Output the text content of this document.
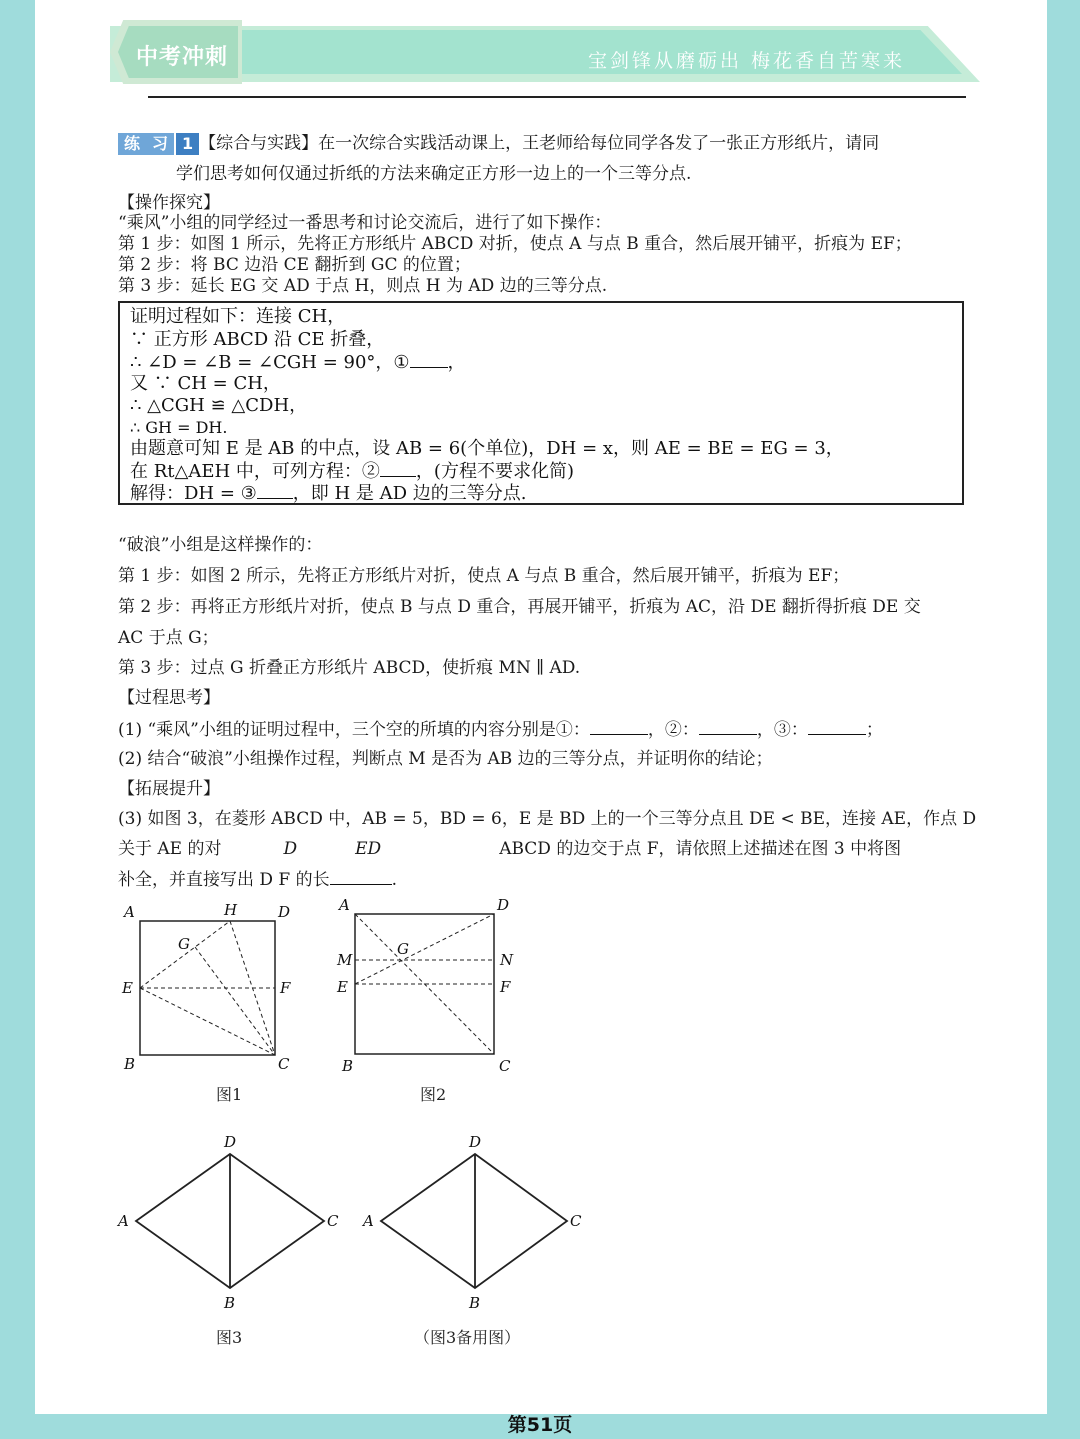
中考冲刺	宝剑锋从磨砺出 梅花香自苦寒来
练 习 1 【综合与实践】在一次综合实践活动课上，王老师给每位同学各发了一张正方形纸片，请同
学们思考如何仅通过折纸的方法来确定正方形一边上的一个三等分点.
【操作探究】
“乘风”小组的同学经过一番思考和讨论交流后，进行了如下操作：
第 1 步：如图 1 所示，先将正方形纸片 ABCD 对折，使点 A 与点 B 重合，然后展开铺平，折痕为 EF；
第 2 步：将 BC 边沿 CE 翻折到 GC 的位置；
第 3 步：延长 EG 交 AD 于点 H，则点 H 为 AD 边的三等分点.
证明过程如下：连接 CH，
∵ 正方形 ABCD 沿 CE 折叠，
∴ ∠D = ∠B = ∠CGH = 90°，① ，
又 ∵ CH = CH，
∴ △CGH ≌ △CDH，
∴ GH = DH.
由题意可知 E 是 AB 的中点，设 AB = 6(个单位)，DH = x，则 AE = BE = EG = 3，
在 Rt△AEH 中，可列方程：② ，(方程不要求化简)
解得：DH = ③ ，即 H 是 AD 边的三等分点.
“破浪”小组是这样操作的：
第 1 步：如图 2 所示，先将正方形纸片对折，使点 A 与点 B 重合，然后展开铺平，折痕为 EF；
第 2 步：再将正方形纸片对折，使点 B 与点 D 重合，再展开铺平，折痕为 AC，沿 DE 翻折得折痕 DE 交
AC 于点 G；
第 3 步：过点 G 折叠正方形纸片 ABCD，使折痕 MN ∥ AD.
【过程思考】
(1) “乘风”小组的证明过程中，三个空的所填的内容分别是①：	，②：	，③：	；
(2) 结合“破浪”小组操作过程，判断点 M 是否为 AB 边的三等分点，并证明你的结论；
【拓展提升】
(3) 如图 3，在菱形 ABCD 中，AB = 5，BD = 6，E 是 BD 上的一个三等分点且 DE < BE，连接 AE，作点 D
关于 AE 的对	D	ED	ABCD 的边交于点 F，请依照上述描述在图 3 中将图
补全，并直接写出 D F 的长	.
A	H	D
G
E	F
B	C
图1
A	D
M
G
N
E	F
B	C
图2
D
A	C
B
图3
D
A	C
B
（图3备用图）
第51页
